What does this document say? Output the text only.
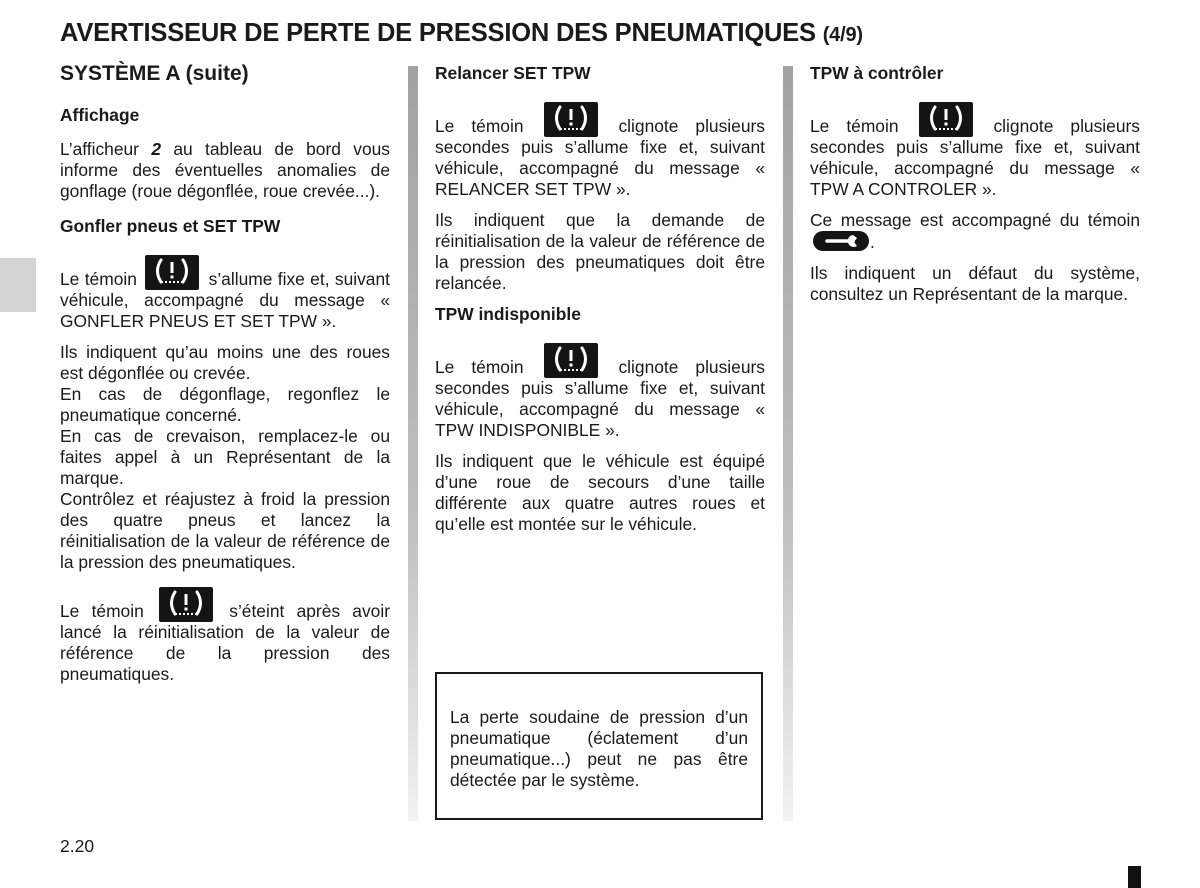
AVERTISSEUR DE PERTE DE PRESSION DES PNEUMATIQUES (4/9)
SYSTÈME A (suite)
Affichage

L’afficheur 2 au tableau de bord vous informe des éventuelles anomalies de gonflage (roue dégonflée, roue crevée...).

Gonfler pneus et SET TPW

Le témoin	s’allume fixe et, suivant véhicule, accompagné du message « GONFLER PNEUS ET SET TPW ».

Ils indiquent qu’au moins une des roues est dégonflée ou crevée.

En cas de dégonflage, regonflez le pneumatique concerné.

En cas de crevaison, remplacez-le ou faites appel à un Représentant de la marque.

Contrôlez et réajustez à froid la pression des quatre pneus et lancez la réinitialisation de la valeur de référence de la pression des pneumatiques.

Le témoin	s’éteint après avoir lancé la réinitialisation de la valeur de référence de la pression des pneumatiques.

Relancer SET TPW

Le témoin	clignote plusieurs secondes puis s’allume fixe et, suivant véhicule, accompagné du message « RELANCER SET TPW ».

Ils indiquent que la demande de réinitialisation de la valeur de référence de la pression des pneumatiques doit être relancée.

TPW indisponible

Le témoin	clignote plusieurs secondes puis s’allume fixe et, suivant véhicule, accompagné du message « TPW INDISPONIBLE ».

Ils indiquent que le véhicule est équipé d’une roue de secours d’une taille différente aux quatre autres roues et qu’elle est montée sur le véhicule.

TPW à contrôler

Le témoin	clignote plusieurs secondes puis s’allume fixe et, suivant véhicule, accompagné du message « TPW A CONTROLER ».

Ce message est accompagné du témoin
.

Ils indiquent un défaut du système, consultez un Représentant de la marque.

La perte soudaine de pression d’un pneumatique (éclatement d’un pneumatique...) peut ne pas être détectée par le système.
2.20
